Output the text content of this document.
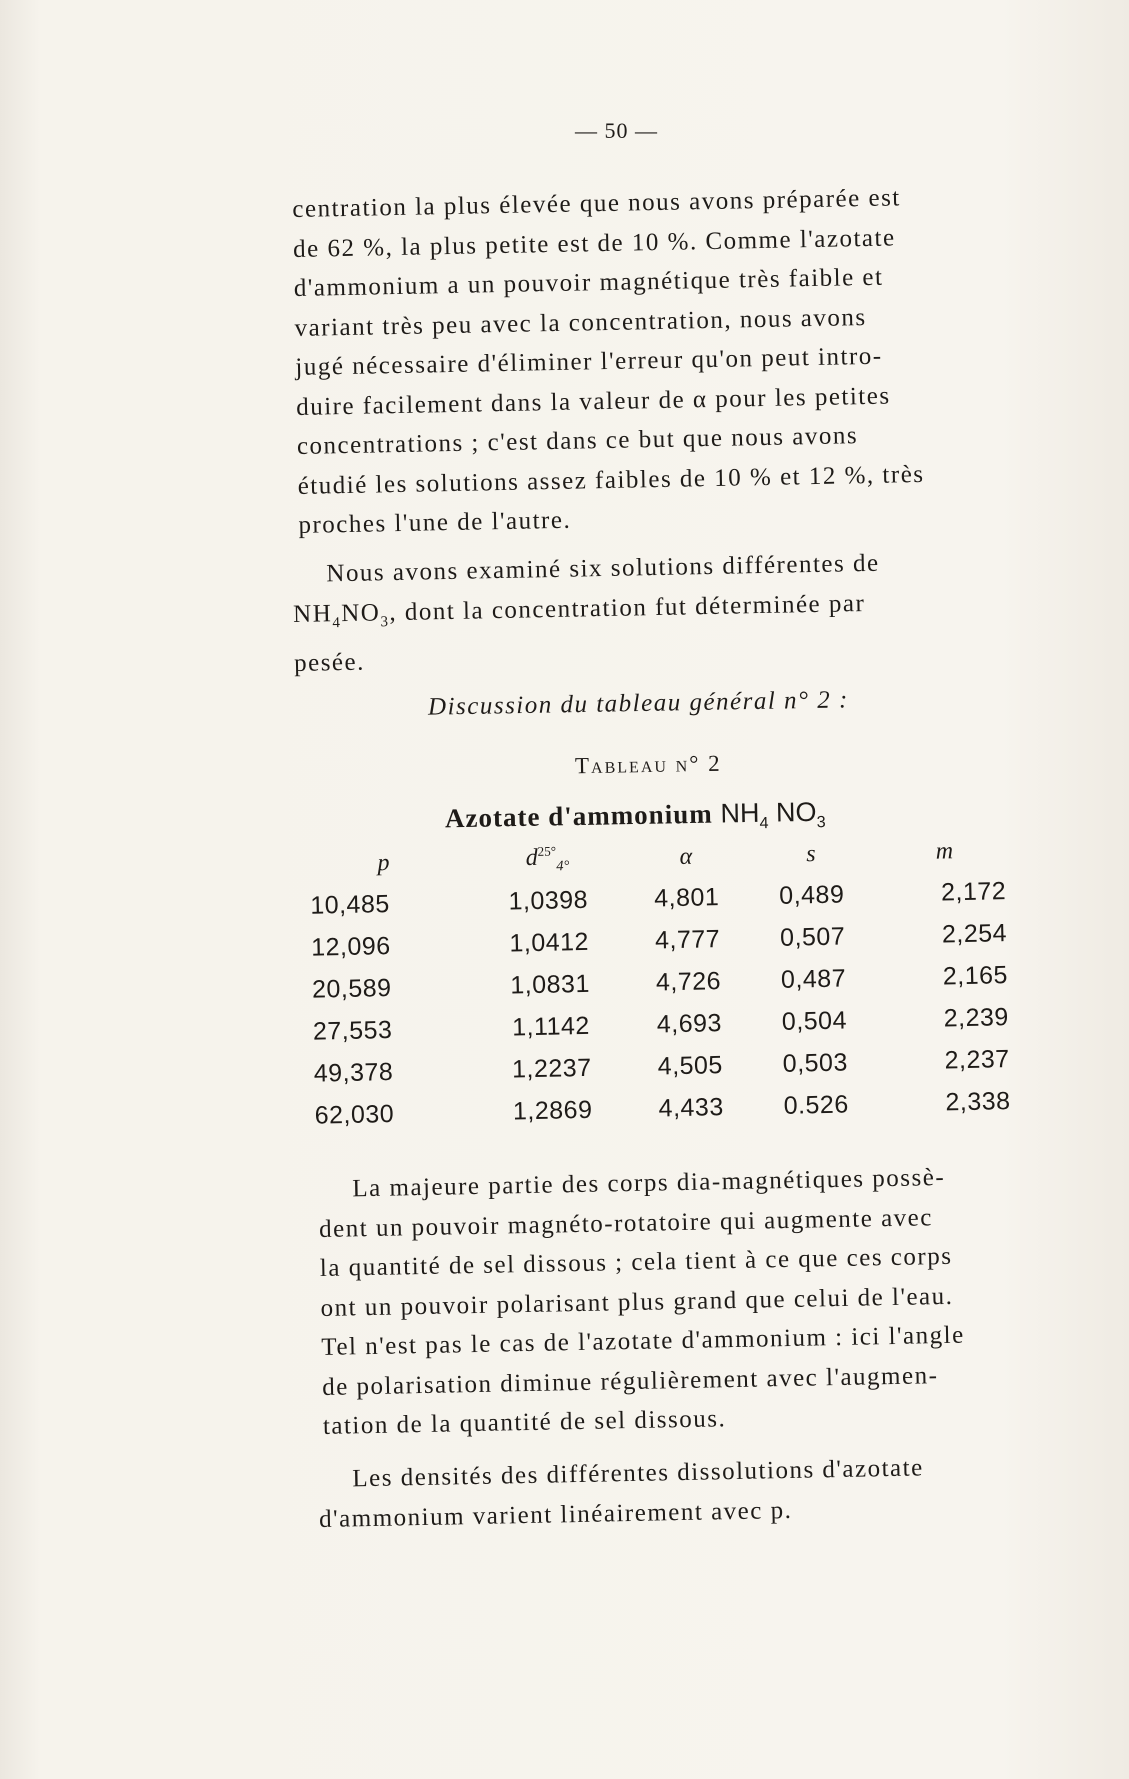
— 50 —
centration la plus élevée que nous avons préparée est
de 62 %, la plus petite est de 10 %. Comme l'azotate
d'ammonium a un pouvoir magnétique très faible et
variant très peu avec la concentration, nous avons
jugé nécessaire d'éliminer l'erreur qu'on peut intro-
duire facilement dans la valeur de α pour les petites
concentrations ; c'est dans ce but que nous avons
étudié les solutions assez faibles de 10 % et 12 %, très
proches l'une de l'autre.
Nous avons examiné six solutions différentes de
$NH_4NO_3$, dont la concentration fut déterminée par
pesée.
Discussion du tableau général n° 2 :
Tableau n° 2
Azotate d'ammonium $NH_4$ $NO_3$
p	$d^{25^\circ}_{4^\circ}$	α	s	m
10,485	1,0398	4,801	0,489	2,172
12,096	1,0412	4,777	0,507	2,254
20,589	1,0831	4,726	0,487	2,165
27,553	1,1142	4,693	0,504	2,239
49,378	1,2237	4,505	0,503	2,237
62,030	1,2869	4,433	0.526	2,338
La majeure partie des corps dia-magnétiques possè-
dent un pouvoir magnéto-rotatoire qui augmente avec
la quantité de sel dissous ; cela tient à ce que ces corps
ont un pouvoir polarisant plus grand que celui de l'eau.
Tel n'est pas le cas de l'azotate d'ammonium : ici l'angle
de polarisation diminue régulièrement avec l'augmen-
tation de la quantité de sel dissous.
Les densités des différentes dissolutions d'azotate
d'ammonium varient linéairement avec p.
